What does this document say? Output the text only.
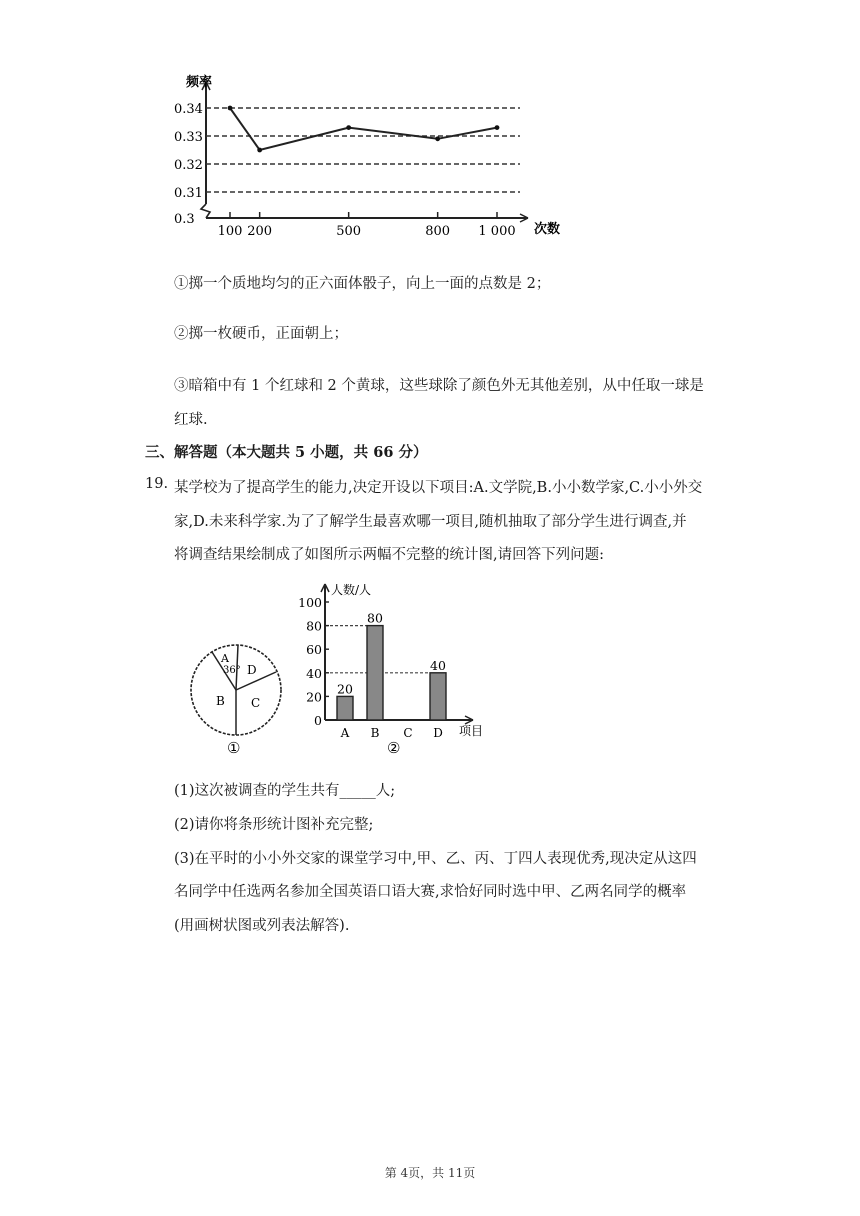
0.34
0.33
0.32
0.31
0.3
100 200	500	800 1 000
频率
次数
①掷一个质地均匀的正六面体骰子，向上一面的点数是 2；
②掷一枚硬币，正面朝上；
③暗箱中有 1 个红球和 2 个黄球，这些球除了颜色外无其他差别，从中任取一球是
红球.
三、解答题（本大题共 5 小题，共 66 分）
19. 某学校为了提高学生的能力,决定开设以下项目:A.文学院,B.小小数学家,C.小小外交
家,D.未来科学家.为了了解学生最喜欢哪一项目,随机抽取了部分学生进行调查,并
将调查结果绘制成了如图所示两幅不完整的统计图,请回答下列问题:
A
36° D
C
B
①
100
80
60
40
20
0
20
80
40
A B C D
人数/人
项目
②
(1)这次被调查的学生共有_____人;
(2)请你将条形统计图补充完整;
(3)在平时的小小外交家的课堂学习中,甲、乙、丙、丁四人表现优秀,现决定从这四
名同学中任选两名参加全国英语口语大赛,求恰好同时选中甲、乙两名同学的概率
(用画树状图或列表法解答).
第 4页，共 11页
